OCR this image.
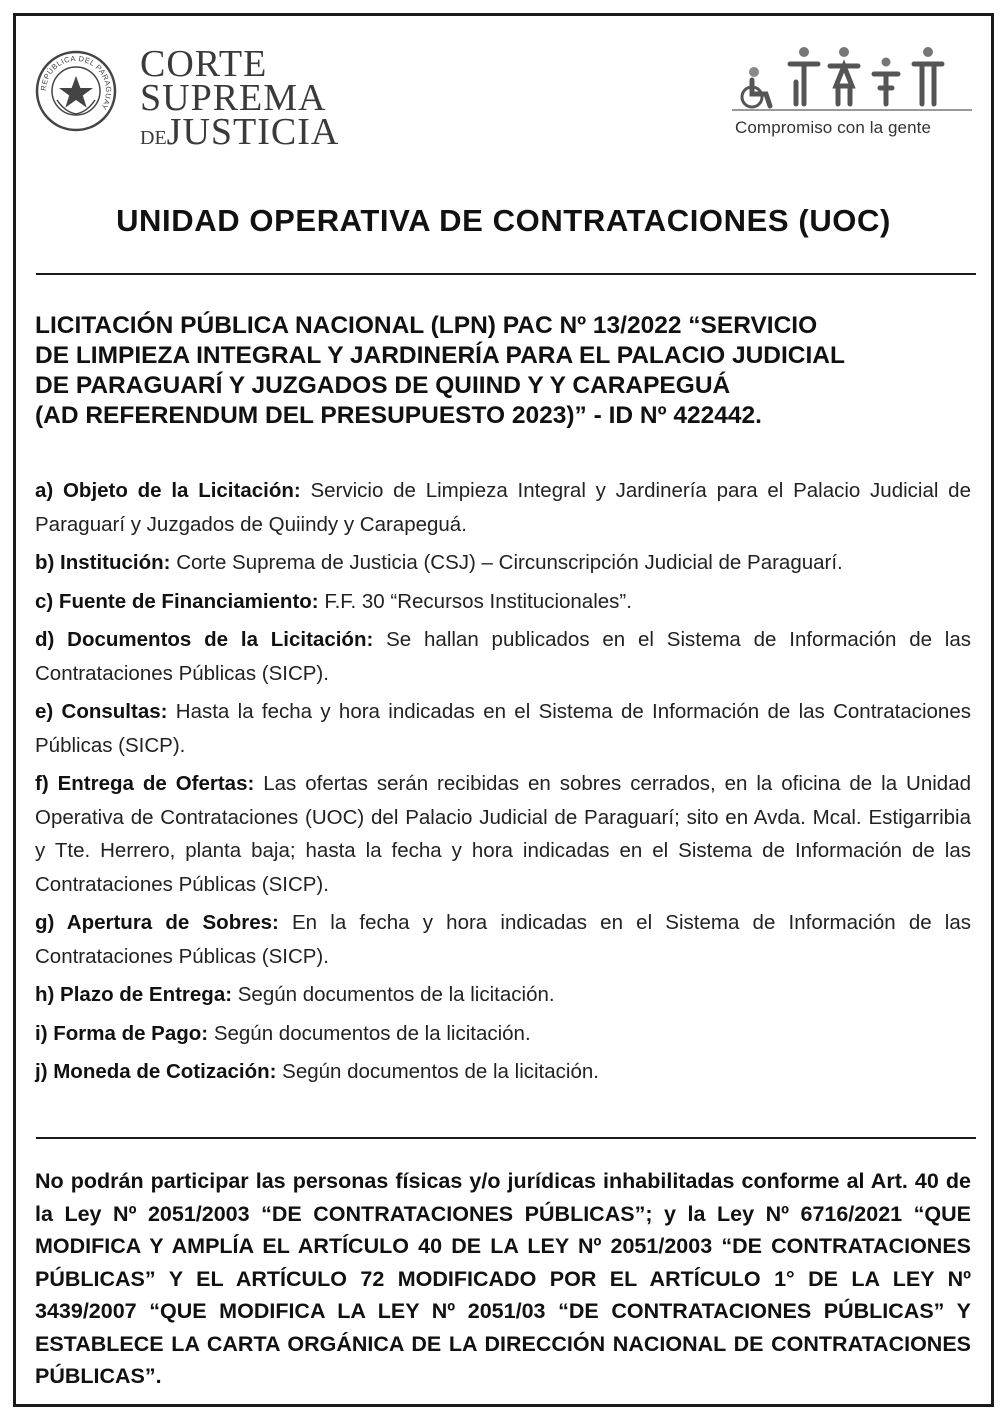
REPÚBLICA DEL PARAGUAY
CORTE
SUPREMA
DEJUSTICIA	Compromiso con la gente
UNIDAD OPERATIVA DE CONTRATACIONES (UOC)
LICITACIÓN PÚBLICA NACIONAL (LPN) PAC Nº 13/2022 “SERVICIO
DE LIMPIEZA INTEGRAL Y JARDINERÍA PARA EL PALACIO JUDICIAL
DE PARAGUARÍ Y JUZGADOS DE QUIIND Y Y CARAPEGUÁ
(AD REFERENDUM DEL PRESUPUESTO 2023)” - ID Nº 422442.
a) Objeto de la Licitación: Servicio de Limpieza Integral y Jardinería para el Palacio Judicial de Paraguarí y Juzgados de Quiindy y Carapeguá.
b) Institución: Corte Suprema de Justicia (CSJ) – Circunscripción Judicial de Paraguarí.
c) Fuente de Financiamiento: F.F. 30 “Recursos Institucionales”.
d) Documentos de la Licitación: Se hallan publicados en el Sistema de Información de las Contrataciones Públicas (SICP).
e) Consultas: Hasta la fecha y hora indicadas en el Sistema de Información de las Contrataciones Públicas (SICP).
f) Entrega de Ofertas: Las ofertas serán recibidas en sobres cerrados, en la oficina de la Unidad Operativa de Contrataciones (UOC) del Palacio Judicial de Paraguarí; sito en Avda. Mcal. Estigarribia y Tte. Herrero, planta baja; hasta la fecha y hora indicadas en el Sistema de Información de las Contrataciones Públicas (SICP).
g) Apertura de Sobres: En la fecha y hora indicadas en el Sistema de Información de las Contrataciones Públicas (SICP).
h) Plazo de Entrega: Según documentos de la licitación.
i) Forma de Pago: Según documentos de la licitación.
j) Moneda de Cotización: Según documentos de la licitación.
No podrán participar las personas físicas y/o jurídicas inhabilitadas conforme al Art. 40 de la Ley Nº 2051/2003 “DE CONTRATACIONES PÚBLICAS”; y la Ley Nº 6716/2021 “QUE MODIFICA Y AMPLÍA EL ARTÍCULO 40 DE LA LEY Nº 2051/2003 “DE CONTRATACIONES PÚBLICAS” Y EL ARTÍCULO 72 MODIFICADO POR EL ARTÍCULO 1° DE LA LEY Nº 3439/2007 “QUE MODIFICA LA LEY Nº 2051/03 “DE CONTRATACIONES PÚBLICAS” Y ESTABLECE LA CARTA ORGÁNICA DE LA DIRECCIÓN NACIONAL DE CONTRATACIONES PÚBLICAS”.
